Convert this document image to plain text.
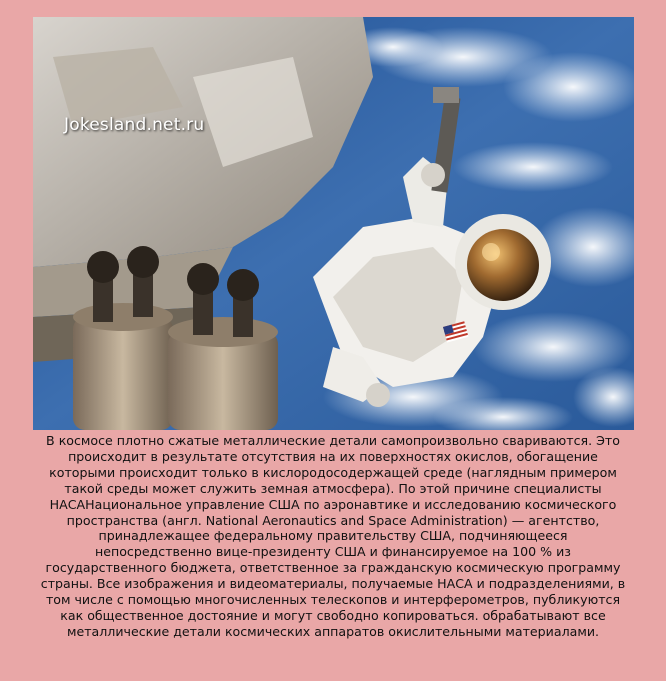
Jokesland.net.ru

В космосе плотно сжатые металлические детали самопроизвольно свариваются. Это происходит в результате отсутствия на их поверхностях окислов, обогащение которыми происходит только в кислородосодержащей среде (наглядным примером такой среды может служить земная атмосфера). По этой причине специалисты НАСАНациональное управление США по аэронавтике и исследованию космического пространства (англ. National Aeronautics and Space Administration) — агентство, принадлежащее федеральному правительству США, подчиняющееся непосредственно вице-президенту США и финансируемое на 100 % из государственного бюджета, ответственное за гражданскую космическую программу страны. Все изображения и видеоматериалы, получаемые НАСА и подразделениями, в том числе с помощью многочисленных телескопов и интерферометров, публикуются как общественное достояние и могут свободно копироваться. обрабатывают все металлические детали космических аппаратов окислительными материалами.
